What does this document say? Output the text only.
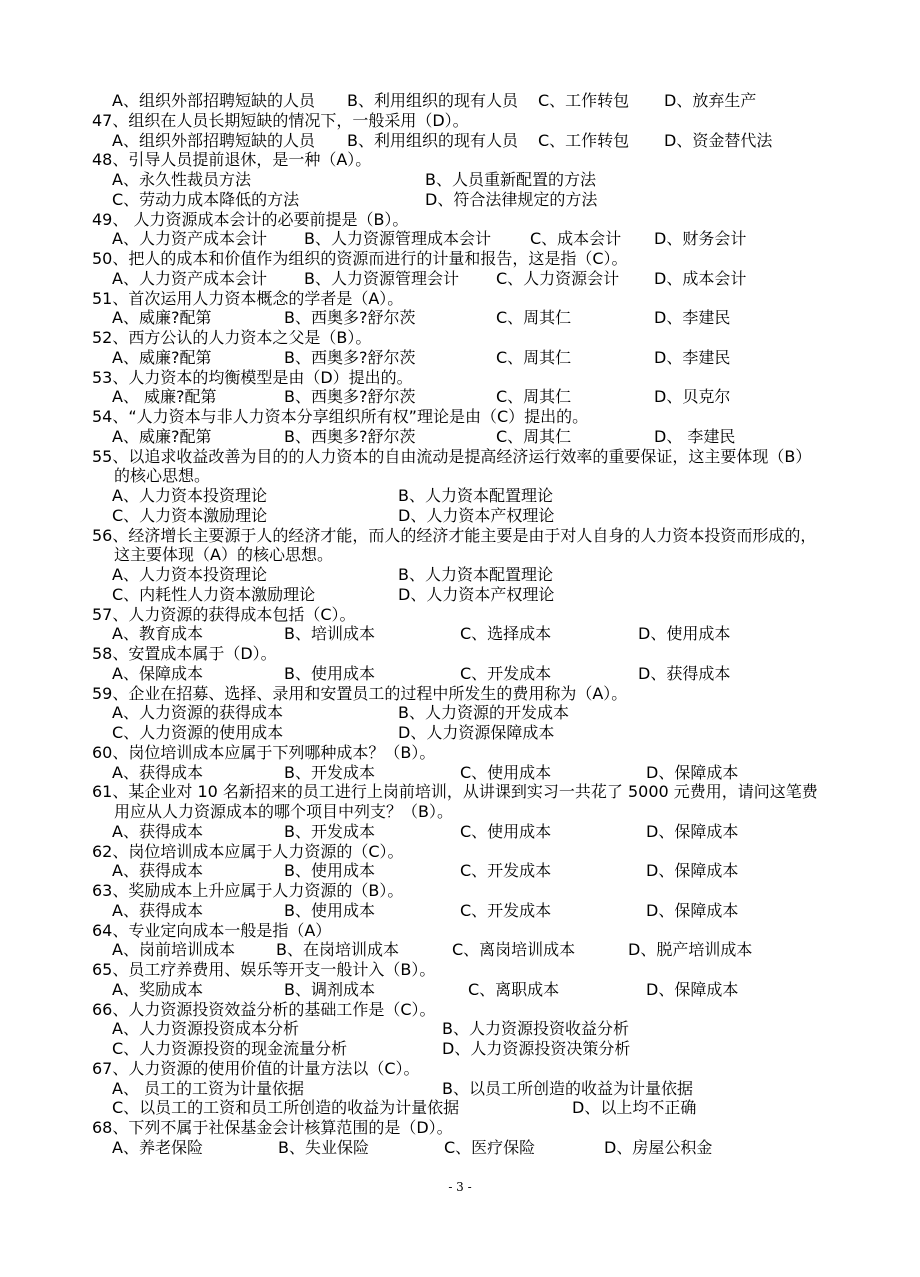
A、组织外部招聘短缺的人员 B、利用组织的现有人员 C、工作转包 D、放弃生产
47、组织在人员长期短缺的情况下，一般采用（D）。
A、组织外部招聘短缺的人员 B、利用组织的现有人员 C、工作转包 D、资金替代法
48、引导人员提前退休，是一种（A）。
A、永久性裁员方法	B、人员重新配置的方法
C、劳动力成本降低的方法	D、符合法律规定的方法
49、 人力资源成本会计的必要前提是（B）。
A、人力资产成本会计 B、人力资源管理成本会计 C、成本会计 D、财务会计
50、把人的成本和价值作为组织的资源而进行的计量和报告，这是指（C）。
A、人力资产成本会计 B、人力资源管理会计 C、人力资源会计 D、成本会计
51、首次运用人力资本概念的学者是（A）。
A、威廉?配第	B、西奥多?舒尔茨	C、周其仁	D、李建民
52、西方公认的人力资本之父是（B）。
A、威廉?配第	B、西奥多?舒尔茨	C、周其仁	D、李建民
53、人力资本的均衡模型是由（D）提出的。
A、 威廉?配第	B、西奥多?舒尔茨	C、周其仁	D、贝克尔
54、“人力资本与非人力资本分享组织所有权”理论是由（C）提出的。
A、威廉?配第	B、西奥多?舒尔茨	C、周其仁	D、 李建民
55、以追求收益改善为目的的人力资本的自由流动是提高经济运行效率的重要保证，这主要体现（B）
的核心思想。
A、人力资本投资理论	B、人力资本配置理论
C、人力资本激励理论	D、人力资本产权理论
56、经济增长主要源于人的经济才能，而人的经济才能主要是由于对人自身的人力资本投资而形成的，
这主要体现（A）的核心思想。
A、人力资本投资理论	B、人力资本配置理论
C、内耗性人力资本激励理论	D、人力资本产权理论
57、人力资源的获得成本包括（C）。
A、教育成本	B、培训成本	C、选择成本	D、使用成本
58、安置成本属于（D）。
A、保障成本	B、使用成本	C、开发成本	D、获得成本
59、企业在招募、选择、录用和安置员工的过程中所发生的费用称为（A）。
A、人力资源的获得成本	B、人力资源的开发成本
C、人力资源的使用成本	D、人力资源保障成本
60、岗位培训成本应属于下列哪种成本？（B）。
A、获得成本	B、开发成本	C、使用成本	D、保障成本
61、某企业对 10 名新招来的员工进行上岗前培训，从讲课到实习一共花了 5000 元费用，请问这笔费
用应从人力资源成本的哪个项目中列支？（B）。
A、获得成本	B、开发成本	C、使用成本	D、保障成本
62、岗位培训成本应属于人力资源的（C）。
A、获得成本	B、使用成本	C、开发成本	D、保障成本
63、奖励成本上升应属于人力资源的（B）。
A、获得成本	B、使用成本	C、开发成本	D、保障成本
64、专业定向成本一般是指（A）
A、岗前培训成本	B、在岗培训成本	C、离岗培训成本	D、脱产培训成本
65、员工疗养费用、娱乐等开支一般计入（B）。
A、奖励成本	B、调剂成本	C、离职成本	D、保障成本
66、人力资源投资效益分析的基础工作是（C）。
A、人力资源投资成本分析	B、人力资源投资收益分析
C、人力资源投资的现金流量分析	D、人力资源投资决策分析
67、人力资源的使用价值的计量方法以（C）。
A、 员工的工资为计量依据	B、以员工所创造的收益为计量依据
C、以员工的工资和员工所创造的收益为计量依据	D、以上均不正确
68、下列不属于社保基金会计核算范围的是（D）。
A、养老保险	B、失业保险	C、医疗保险	D、房屋公积金
- 3 -
